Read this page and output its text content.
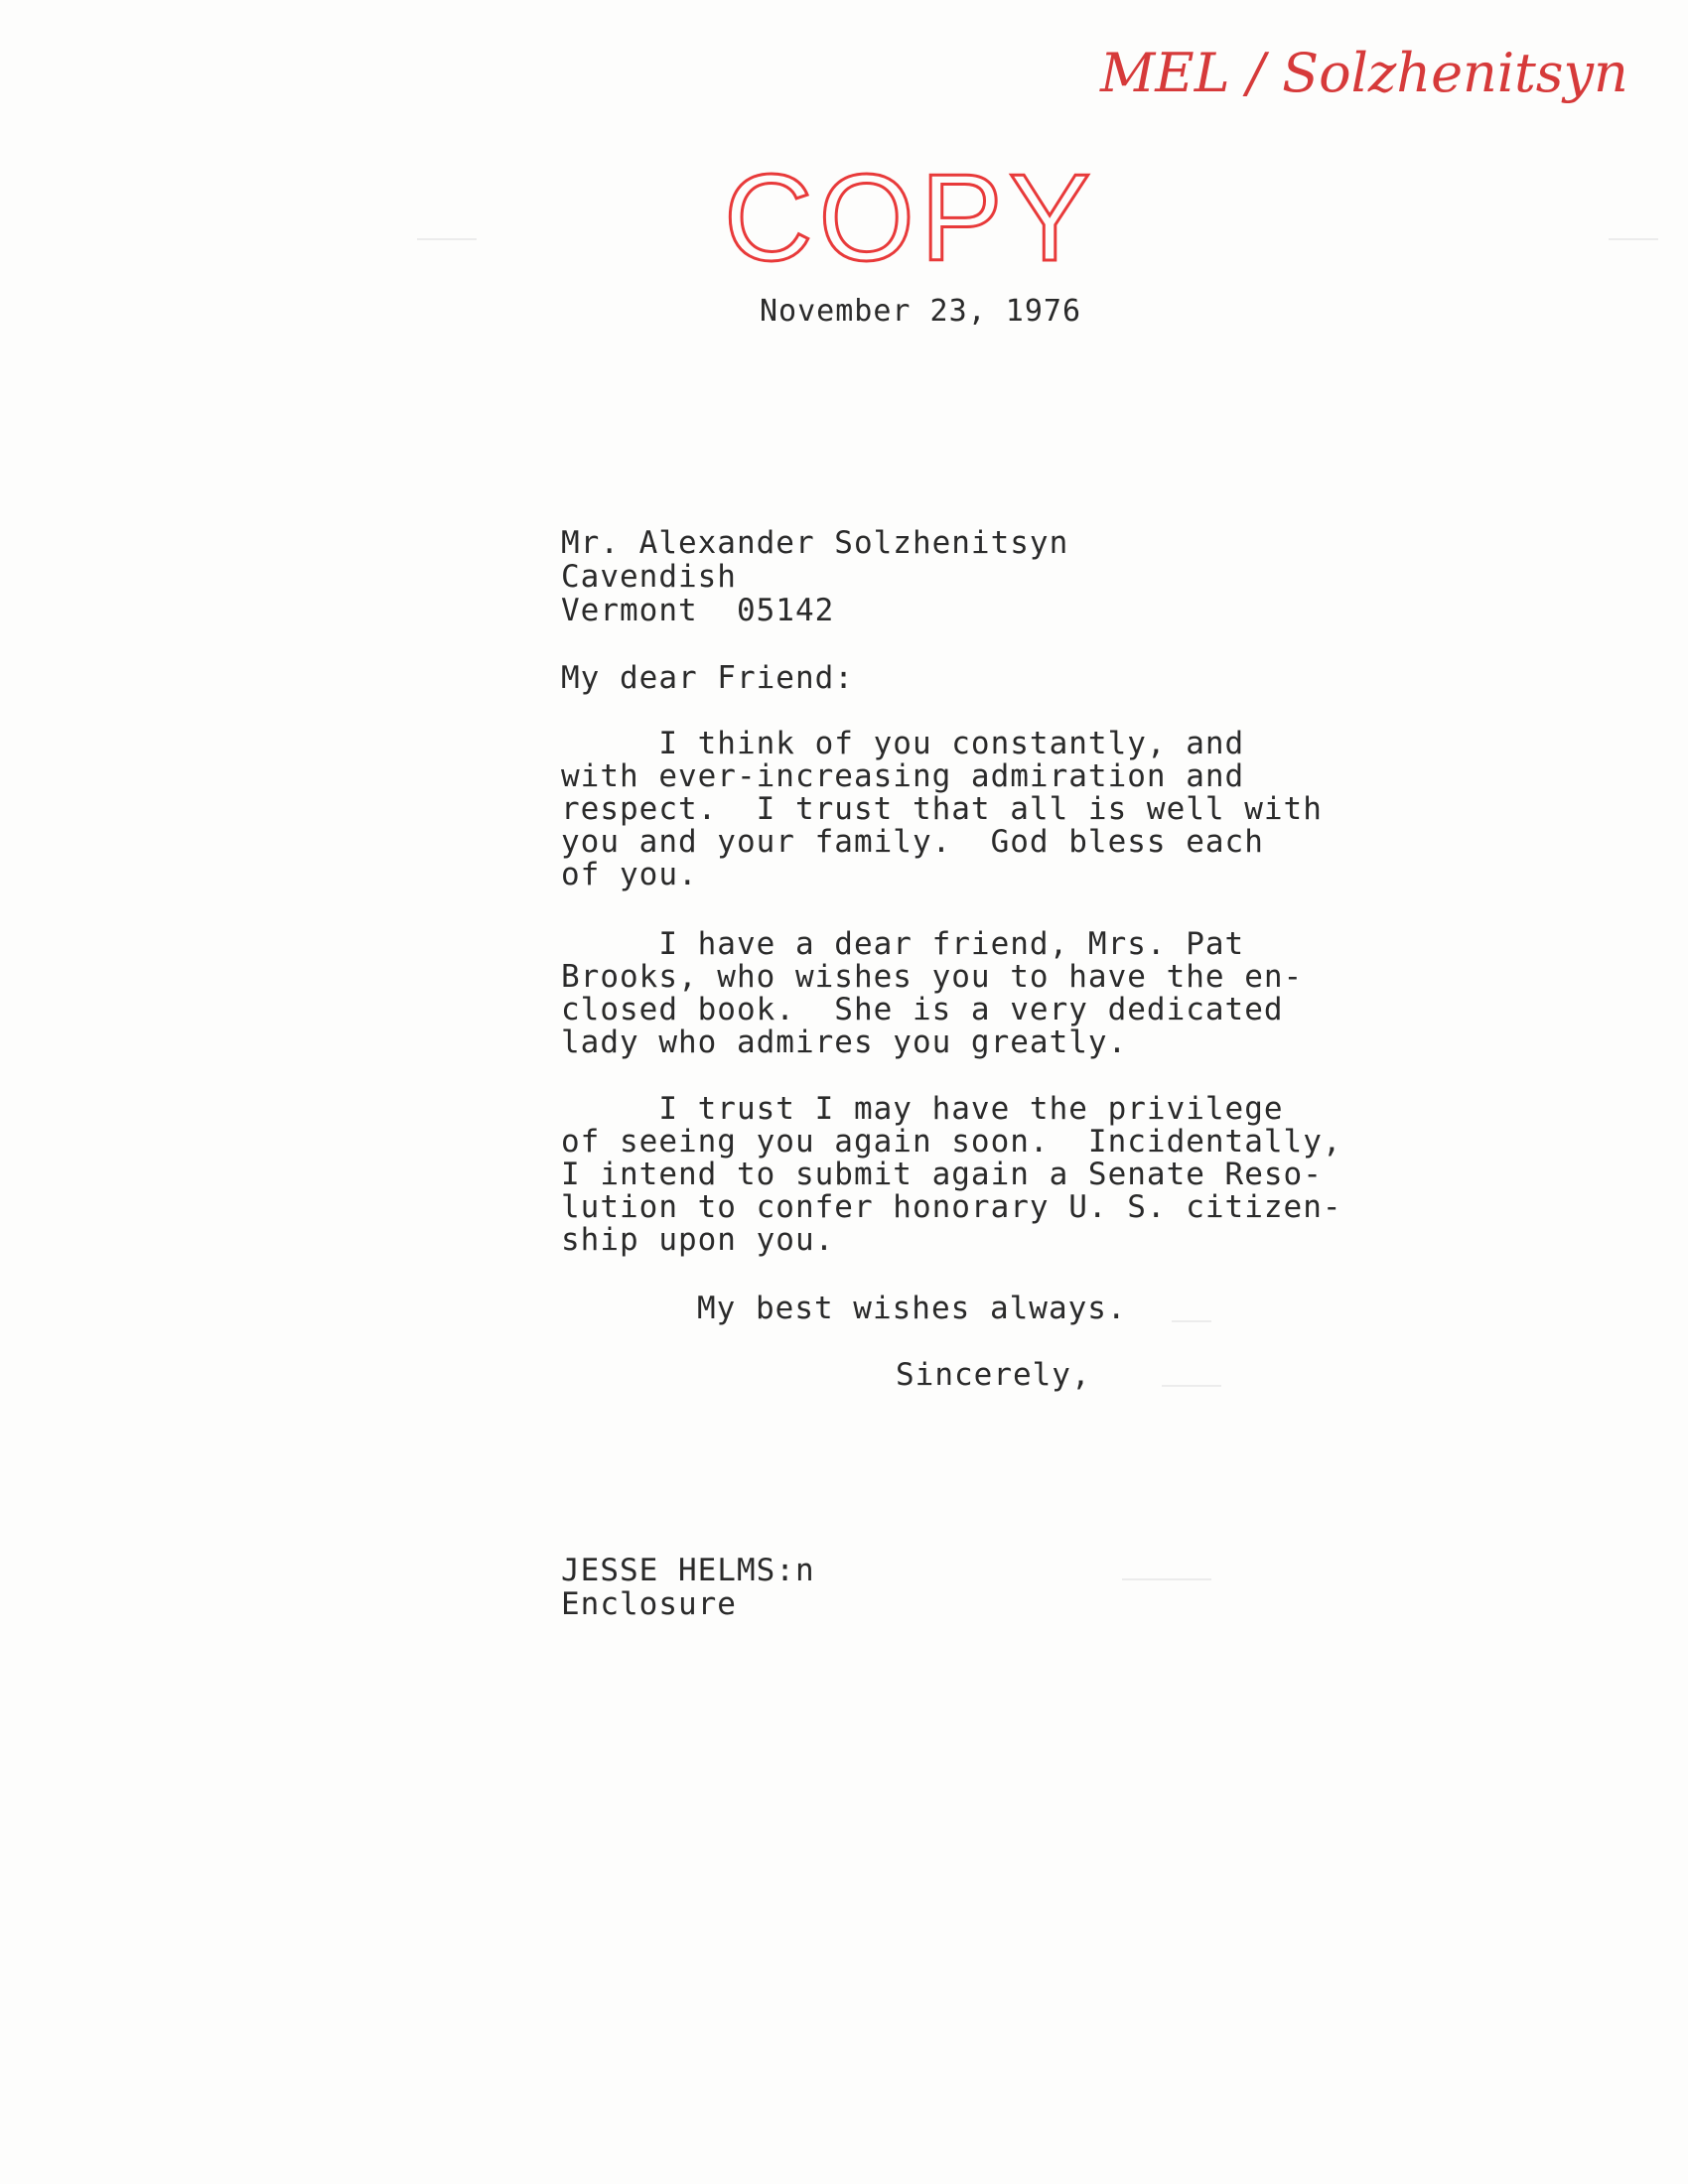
MEL / Solzhenitsyn
COPY
November 23, 1976
Mr. Alexander Solzhenitsyn
Cavendish
Vermont  05142
My dear Friend:
I think of you constantly, and
with ever-increasing admiration and
respect.  I trust that all is well with
you and your family.  God bless each
of you.
I have a dear friend, Mrs. Pat
Brooks, who wishes you to have the en-
closed book.  She is a very dedicated
lady who admires you greatly.
I trust I may have the privilege
of seeing you again soon.  Incidentally,
I intend to submit again a Senate Reso-
lution to confer honorary U. S. citizen-
ship upon you.
My best wishes always.
Sincerely,
JESSE HELMS:n
Enclosure
